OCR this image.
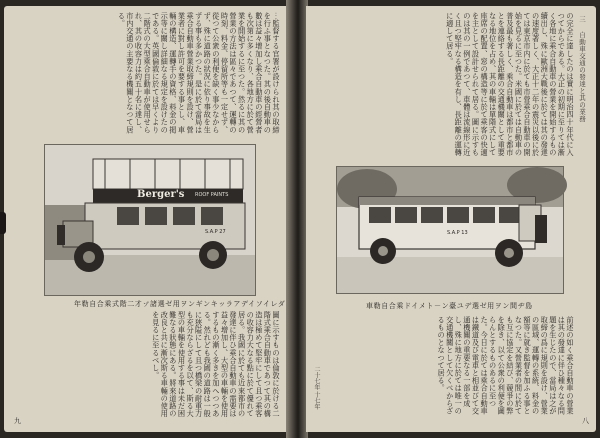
︙監督する官署が設けられ其の取締を行ふ事となつた。其の後自動車の數は益々增加し乘合自動車の經營者も次第に多くなり、各地方に於て營業を開始するに至つた。然るに其の營業の方法は區々であつて、運轉の時刻、料金、停留所等も一定せず、從つて公衆の利便を缺く事少なからず、殊に道路の狀況に依り事故を生ずる事も多かつた。是に於て當局は乘合自動車營業取締規則を設け、營業者に對し許可を要する事とし、車輛の構造、運轉手の資格、料金の掲示等に關し詳細なる規定を設けたのである。英國倫敦に於ては早くより二階式の大型乘合自動車が使用せられ、其の收容力は約五十名に達し、市内交通の主要なる機關となつて居る。
Berger's ROOF PAINTS
S.A.P 27
年勒自合乘式階二才ㇷ゚諸選ゼ用ヲンギンキッラアデイソイレダ
圖に示すものは倫敦に於ける二階式乘合自動車であつて其の構造は極めて堅牢にして且つ乘客の收容力大なる點に於て優れて居る。我國に於ても近來都市の發達に伴ひ乘合自動車の需要は益々增加し、大型の車輛を使用するもの漸く多きを加へつつある。然れども我國の道路は一般に狹隘にして且つ橋梁の耐重力も充分ならざるを以て、斯る大型の車輛を使用する事は未だ困難なる狀態にある。將來道路の改良と共に漸次斯る車輛の使用を見るに至るべし。
九
三 自動車交通の發達と其の業務
の完全に達したのは實に明治四十年代に入つてからである。大正の初期に至りては漸く各地に乘合自動車の營業を開始するもの續出し、殊に歐洲大戰後に於ては其の發達の速度著しく、大正十二年の震災以後に於ては東京市内に於ても市營乘合自動車の開始を見るに至つた。米國に於ては自動車の普及最も著しく、乘合自動車は都市と都市とを連絡する長距離の交通機關として重要なる地位を占め、其の車輛は單階式にして座席の配置、窓の構造等に於て乘客の快適を主として設計せられて居る。圖に示すものは其の一例であつて、車體は流線形に近く且つ堅牢なる構造を有し、長距離の運轉に適して居る。
S.A.P 13
車勒自合乘ドイメト－ン臺ユデ選ゼ用ヲン間ヂ島
前述の如く乘合自動車の營業は其の發達に伴ひ種々なる問題を生じたので、當局は之が取締の爲に規則を設け、營業の區域、運轉の系統、料金の額等に就き監督を加ふる事となつた。又營業者の間に於ても互に協定を結び、競爭の弊を除き、以て公衆の利便を圖らんとするものあるに至つた。今日に於ては乘合自動車は鐵道及び電車と相並びて交通機關の重要なる一部を成し、殊に地方に於ては唯一の交通機關として欠くべからざるものとなつて居る。
二十七年 十七年
八
